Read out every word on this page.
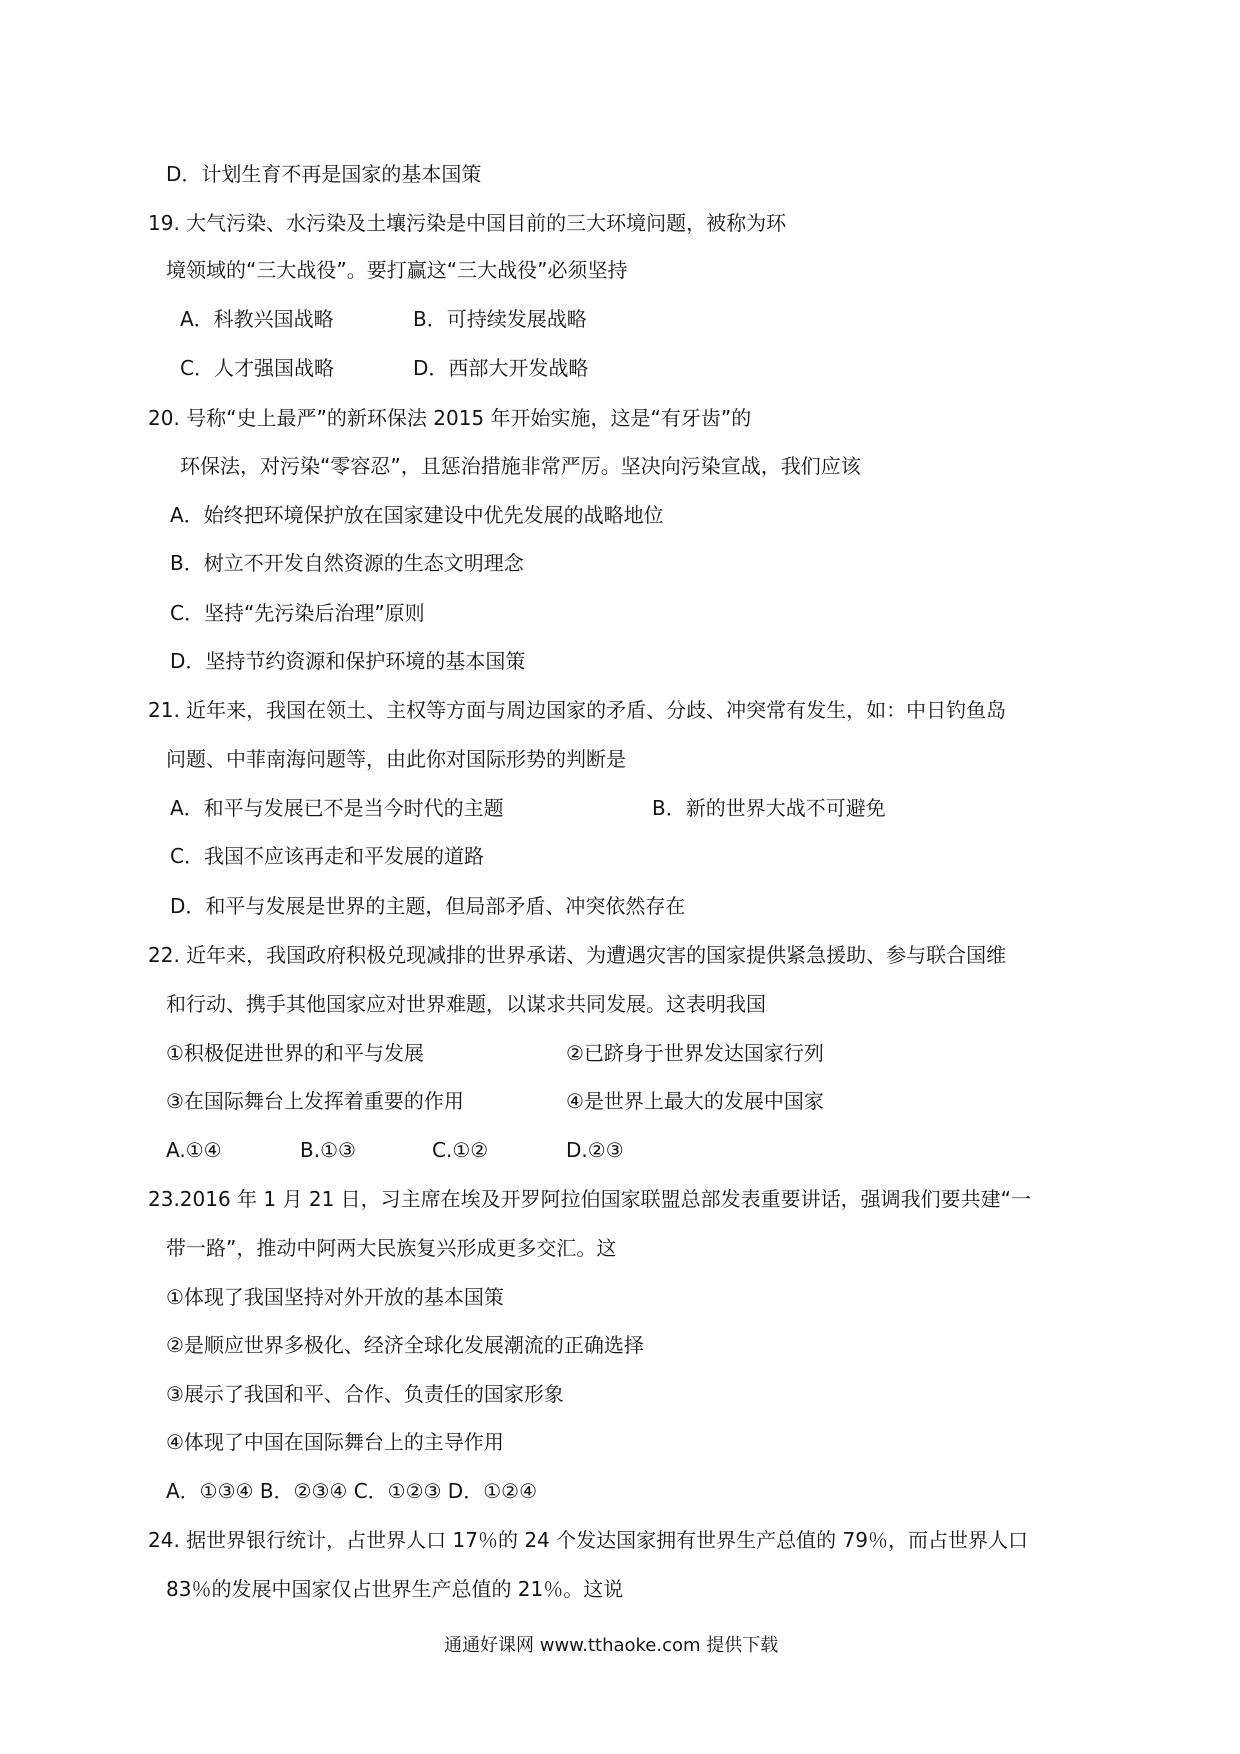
D．计划生育不再是国家的基本国策
19. 大气污染、水污染及土壤污染是中国目前的三大环境问题，被称为环
境领域的“三大战役”。要打赢这“三大战役”必须坚持
A．科教兴国战略	B．可持续发展战略
C．人才强国战略	D．西部大开发战略
20. 号称“史上最严”的新环保法 2015 年开始实施，这是“有牙齿”的
环保法，对污染“零容忍”，且惩治措施非常严厉。坚决向污染宣战，我们应该
A．始终把环境保护放在国家建设中优先发展的战略地位
B．树立不开发自然资源的生态文明理念
C．坚持“先污染后治理”原则
D．坚持节约资源和保护环境的基本国策
21. 近年来，我国在领土、主权等方面与周边国家的矛盾、分歧、冲突常有发生，如：中日钓鱼岛
问题、中菲南海问题等，由此你对国际形势的判断是
A．和平与发展已不是当今时代的主题	B．新的世界大战不可避免
C．我国不应该再走和平发展的道路
D．和平与发展是世界的主题，但局部矛盾、冲突依然存在
22. 近年来，我国政府积极兑现减排的世界承诺、为遭遇灾害的国家提供紧急援助、参与联合国维
和行动、携手其他国家应对世界难题，以谋求共同发展。这表明我国
①积极促进世界的和平与发展	②已跻身于世界发达国家行列
③在国际舞台上发挥着重要的作用	④是世界上最大的发展中国家
A.①④	B.①③	C.①②	D.②③
23.2016 年 1 月 21 日，习主席在埃及开罗阿拉伯国家联盟总部发表重要讲话，强调我们要共建“一
带一路”，推动中阿两大民族复兴形成更多交汇。这
①体现了我国坚持对外开放的基本国策
②是顺应世界多极化、经济全球化发展潮流的正确选择
③展示了我国和平、合作、负责任的国家形象
④体现了中国在国际舞台上的主导作用
A．①③④ B．②③④ C．①②③ D．①②④
24. 据世界银行统计，占世界人口 17％的 24 个发达国家拥有世界生产总值的 79％，而占世界人口
83％的发展中国家仅占世界生产总值的 21％。这说
通通好课网 www.tthaoke.com 提供下载
